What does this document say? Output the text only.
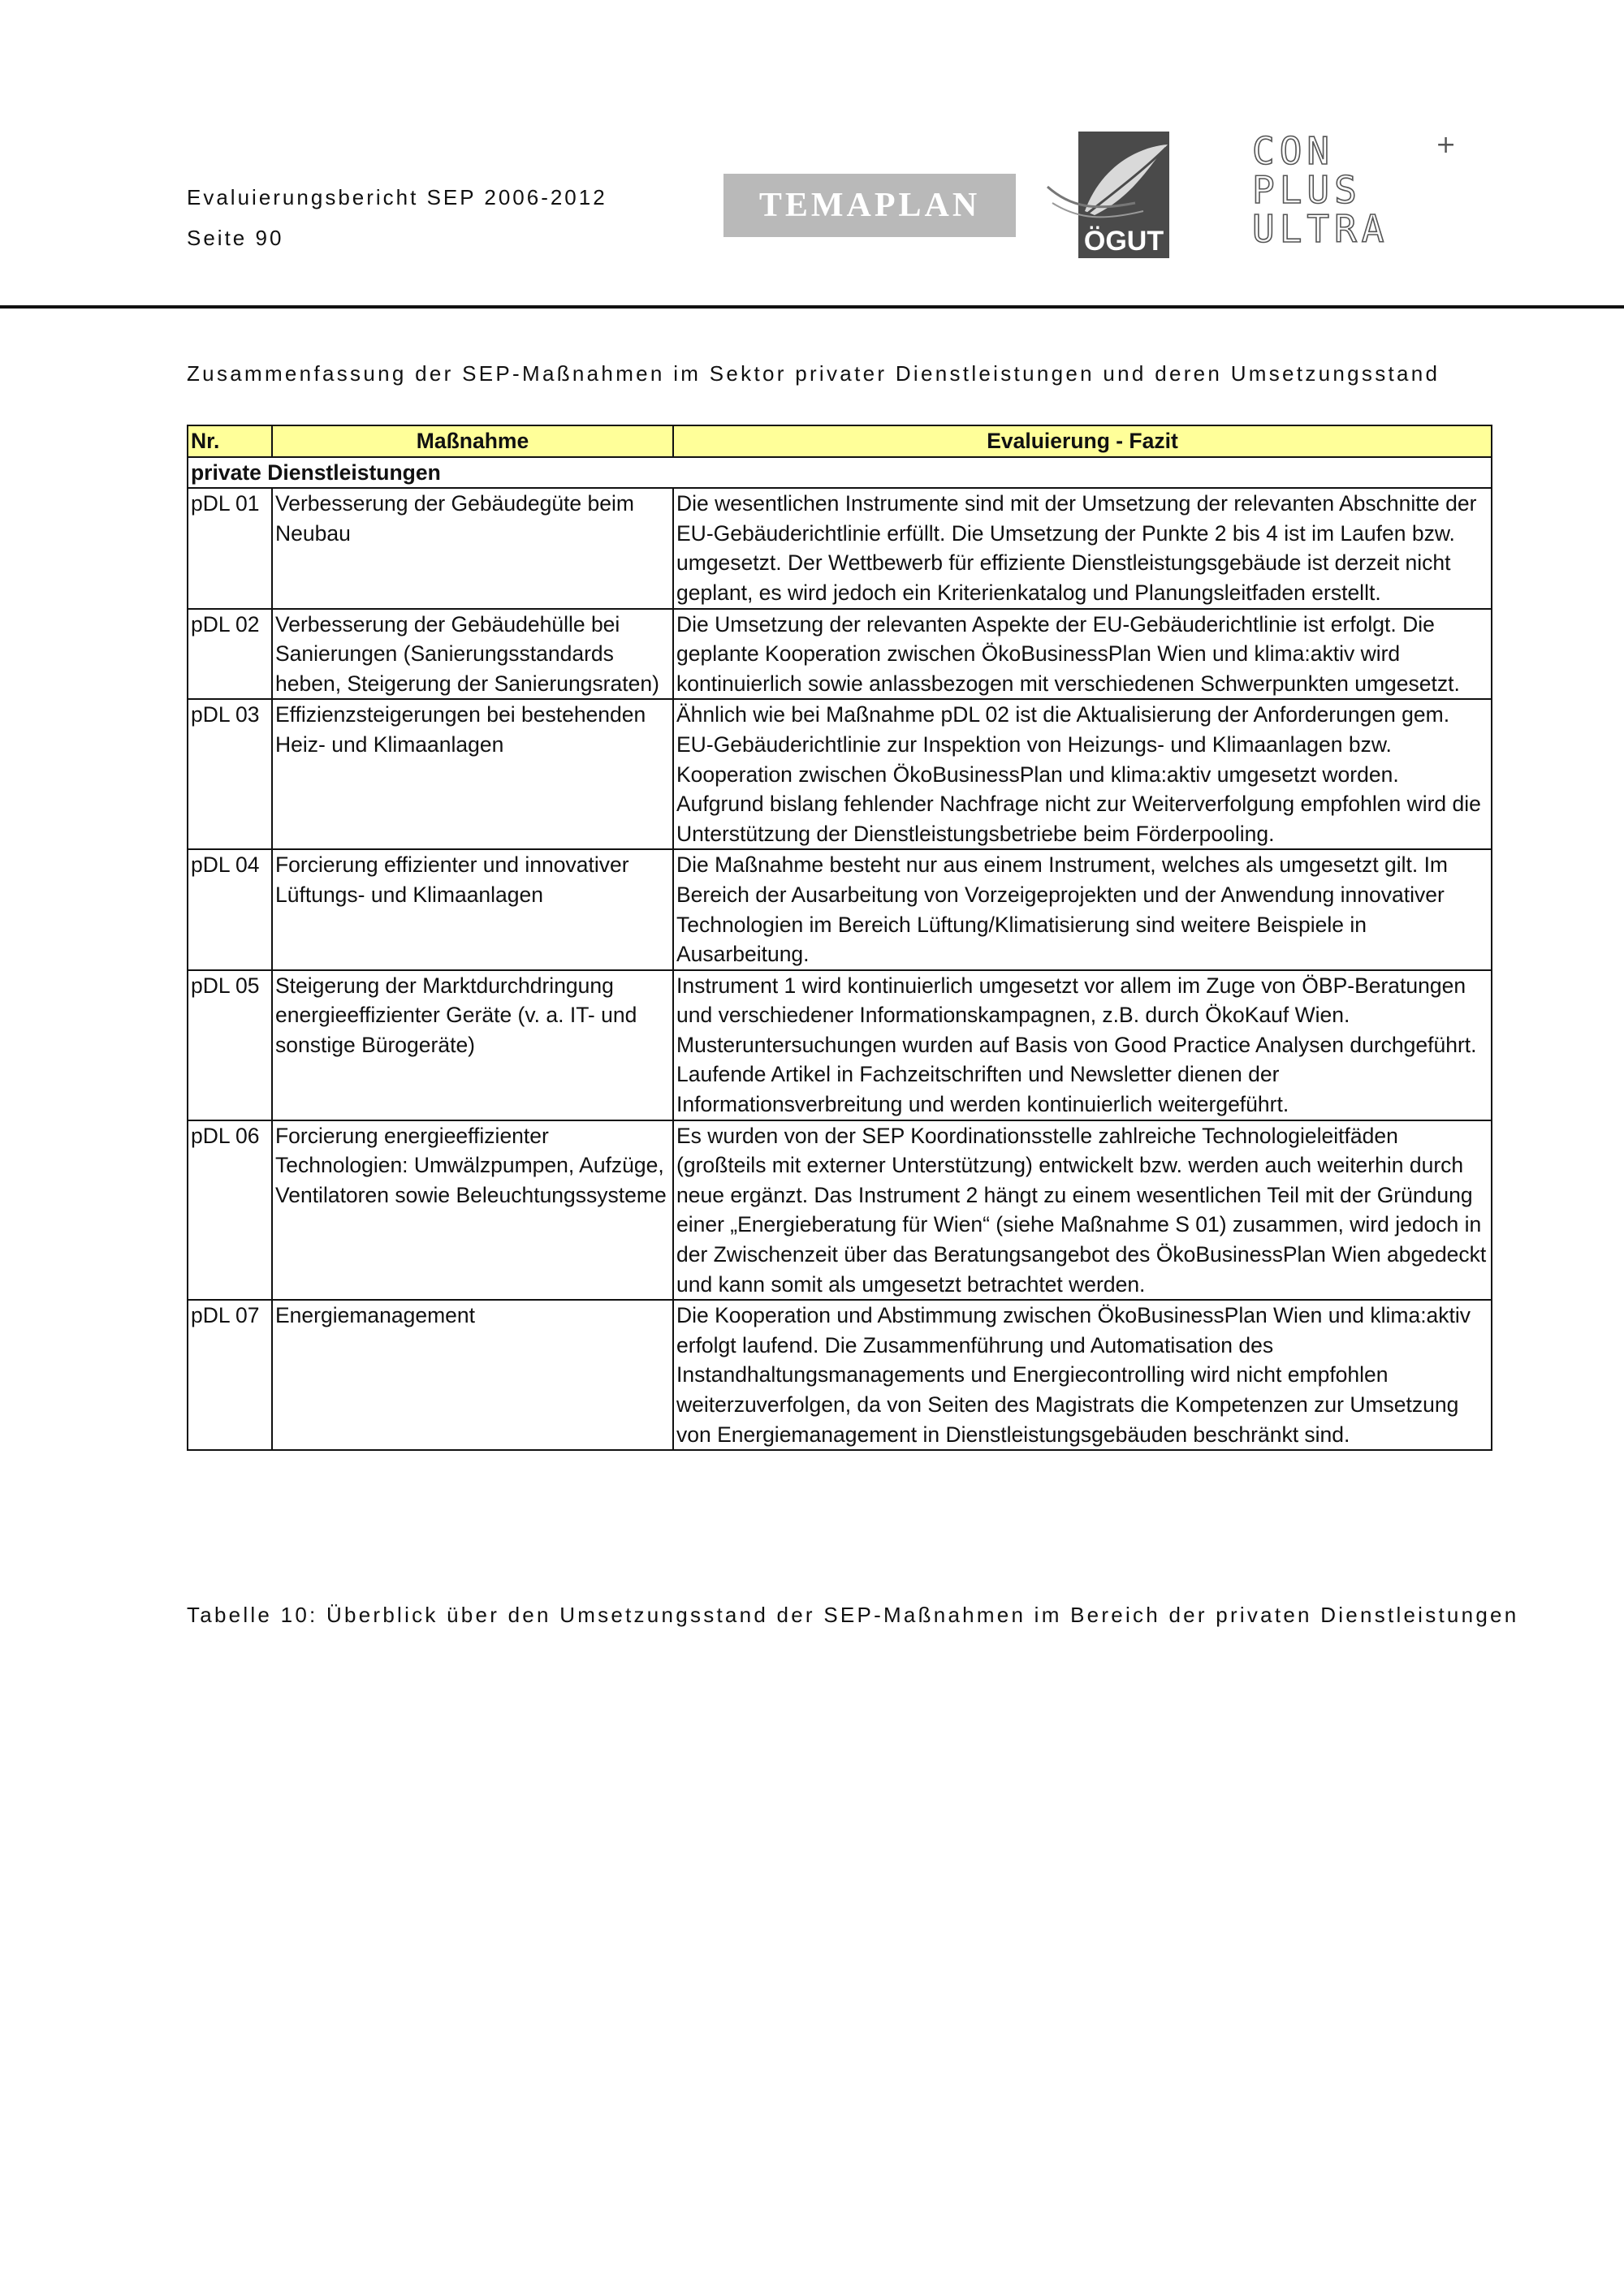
Evaluierungsbericht SEP 2006-2012
Seite 90
TEMAPLAN
ÖGUT
CON
PLUS
ULTRA
+
Zusammenfassung der SEP-Maßnahmen im Sektor privater Dienstleistungen und deren Umsetzungsstand
Nr.	Maßnahme	Evaluierung - Fazit
private Dienstleistungen		
pDL 01	Verbesserung der Gebäudegüte beim Neubau	Die wesentlichen Instrumente sind mit der Umsetzung der relevanten Abschnitte der EU-Gebäuderichtlinie erfüllt. Die Umsetzung der Punkte 2 bis 4 ist im Laufen bzw. umgesetzt. Der Wettbewerb für effiziente Dienstleistungsgebäude ist derzeit nicht geplant, es wird jedoch ein Kriterienkatalog und Planungsleitfaden erstellt.
pDL 02	Verbesserung der Gebäudehülle bei Sanierungen (Sanierungsstandards heben, Steigerung der Sanierungsraten)	Die Umsetzung der relevanten Aspekte der EU-Gebäuderichtlinie ist erfolgt. Die geplante Kooperation zwischen ÖkoBusinessPlan Wien und klima:aktiv wird kontinuierlich sowie anlassbezogen mit verschiedenen Schwerpunkten umgesetzt.
pDL 03	Effizienzsteigerungen bei bestehenden Heiz- und Klimaanlagen	Ähnlich wie bei Maßnahme pDL 02 ist die Aktualisierung der Anforderungen gem. EU-Gebäuderichtlinie zur Inspektion von Heizungs- und Klimaanlagen bzw. Kooperation zwischen ÖkoBusinessPlan und klima:aktiv umgesetzt worden. Aufgrund bislang fehlender Nachfrage nicht zur Weiterverfolgung empfohlen wird die Unterstützung der Dienstleistungsbetriebe beim Förderpooling.
pDL 04	Forcierung effizienter und innovativer Lüftungs- und Klimaanlagen	Die Maßnahme besteht nur aus einem Instrument, welches als umgesetzt gilt. Im Bereich der Ausarbeitung von Vorzeigeprojekten und der Anwendung innovativer Technologien im Bereich Lüftung/Klimatisierung sind weitere Beispiele in Ausarbeitung.
pDL 05	Steigerung der Marktdurchdringung energieeffizienter Geräte (v. a. IT- und sonstige Bürogeräte)	Instrument 1 wird kontinuierlich umgesetzt vor allem im Zuge von ÖBP-Beratungen und verschiedener Informationskampagnen, z.B. durch ÖkoKauf Wien. Musteruntersuchungen wurden auf Basis von Good Practice Analysen durchgeführt. Laufende Artikel in Fachzeitschriften und Newsletter dienen der Informationsverbreitung und werden kontinuierlich weitergeführt.
pDL 06	Forcierung energieeffizienter Technologien: Umwälzpumpen, Aufzüge, Ventilatoren sowie Beleuchtungssysteme	Es wurden von der SEP Koordinationsstelle zahlreiche Technologieleitfäden (großteils mit externer Unterstützung) entwickelt bzw. werden auch weiterhin durch neue ergänzt. Das Instrument 2 hängt zu einem wesentlichen Teil mit der Gründung einer „Energieberatung für Wien“ (siehe Maßnahme S 01) zusammen, wird jedoch in der Zwischenzeit über das Beratungsangebot des ÖkoBusinessPlan Wien abgedeckt und kann somit als umgesetzt betrachtet werden.
pDL 07	Energiemanagement	Die Kooperation und Abstimmung zwischen ÖkoBusinessPlan Wien und klima:aktiv erfolgt laufend. Die Zusammenführung und Automatisation des Instandhaltungsmanagements und Energiecontrolling wird nicht empfohlen weiterzuverfolgen, da von Seiten des Magistrats die Kompetenzen zur Umsetzung von Energiemanagement in Dienstleistungsgebäuden beschränkt sind.
Tabelle 10: Überblick über den Umsetzungsstand der SEP-Maßnahmen im Bereich der privaten Dienstleistungen
